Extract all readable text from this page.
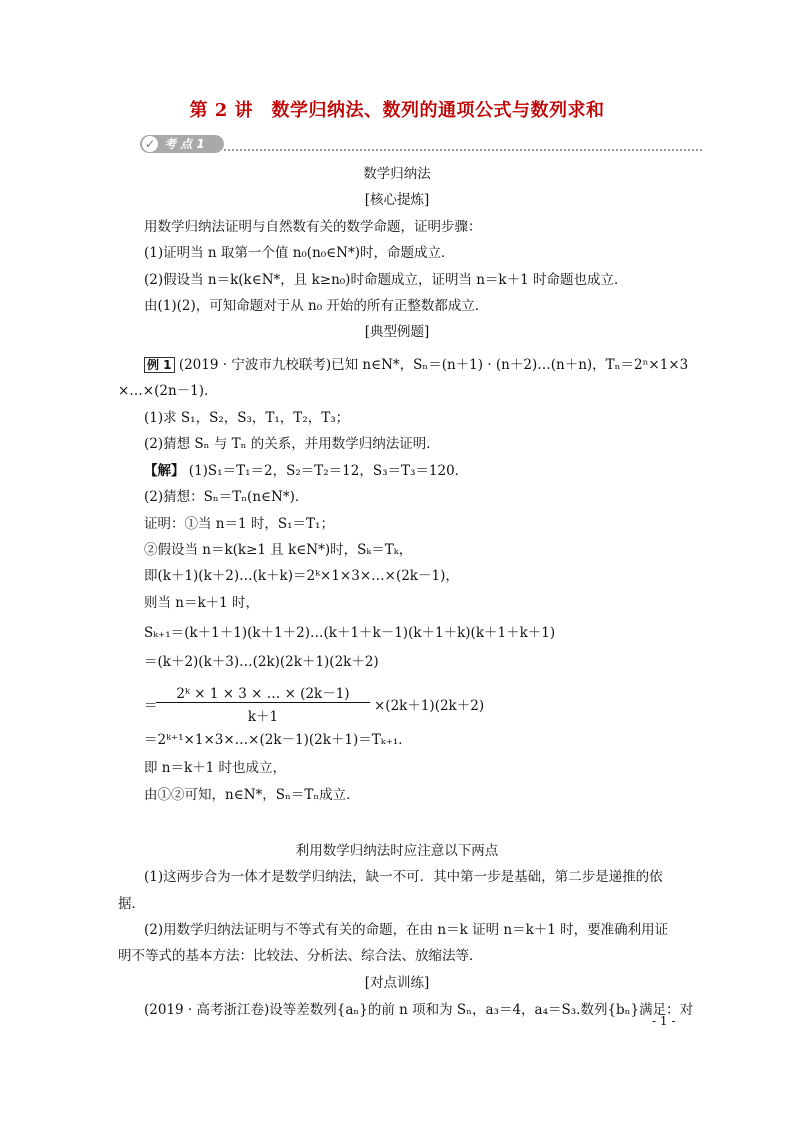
第 2 讲　数学归纳法、数列的通项公式与数列求和
✓ 考 点 1
数学归纳法
[核心提炼]
用数学归纳法证明与自然数有关的数学命题，证明步骤：
(1)证明当 n 取第一个值 n₀(n₀∈N*)时，命题成立．
(2)假设当 n＝k(k∈N*，且 k≥n₀)时命题成立，证明当 n＝k＋1 时命题也成立．
由(1)(2)，可知命题对于从 n₀ 开始的所有正整数都成立．
[典型例题]
例 1 (2019 · 宁波市九校联考)已知 n∈N*，Sₙ＝(n＋1) · (n＋2)…(n＋n)，Tₙ＝2ⁿ×1×3
×…×(2n－1)．
(1)求 S₁，S₂，S₃，T₁，T₂，T₃；
(2)猜想 Sₙ 与 Tₙ 的关系，并用数学归纳法证明．
【解】 (1)S₁＝T₁＝2，S₂＝T₂＝12，S₃＝T₃＝120．
(2)猜想：Sₙ＝Tₙ(n∈N*)．
证明：①当 n＝1 时，S₁＝T₁；
②假设当 n＝k(k≥1 且 k∈N*)时，Sₖ＝Tₖ，
即(k＋1)(k＋2)…(k＋k)＝2ᵏ×1×3×…×(2k－1)，
则当 n＝k＋1 时，
Sₖ₊₁＝(k＋1＋1)(k＋1＋2)…(k＋1＋k－1)(k＋1＋k)(k＋1＋k＋1)
＝(k＋2)(k＋3)…(2k)(2k＋1)(2k＋2)
＝
2ᵏ × 1 × 3 × … × (2k－1)
k＋1
×(2k＋1)(2k＋2)
＝2ᵏ⁺¹×1×3×…×(2k－1)(2k＋1)＝Tₖ₊₁．
即 n＝k＋1 时也成立，
由①②可知，n∈N*，Sₙ＝Tₙ成立．
利用数学归纳法时应注意以下两点
(1)这两步合为一体才是数学归纳法，缺一不可．其中第一步是基础，第二步是递推的依
据．
(2)用数学归纳法证明与不等式有关的命题，在由 n＝k 证明 n＝k＋1 时，要准确利用证
明不等式的基本方法：比较法、分析法、综合法、放缩法等．
[对点训练]
(2019 · 高考浙江卷)设等差数列{aₙ}的前 n 项和为 Sₙ，a₃＝4，a₄＝S₃.数列{bₙ}满足：对
- 1 -
